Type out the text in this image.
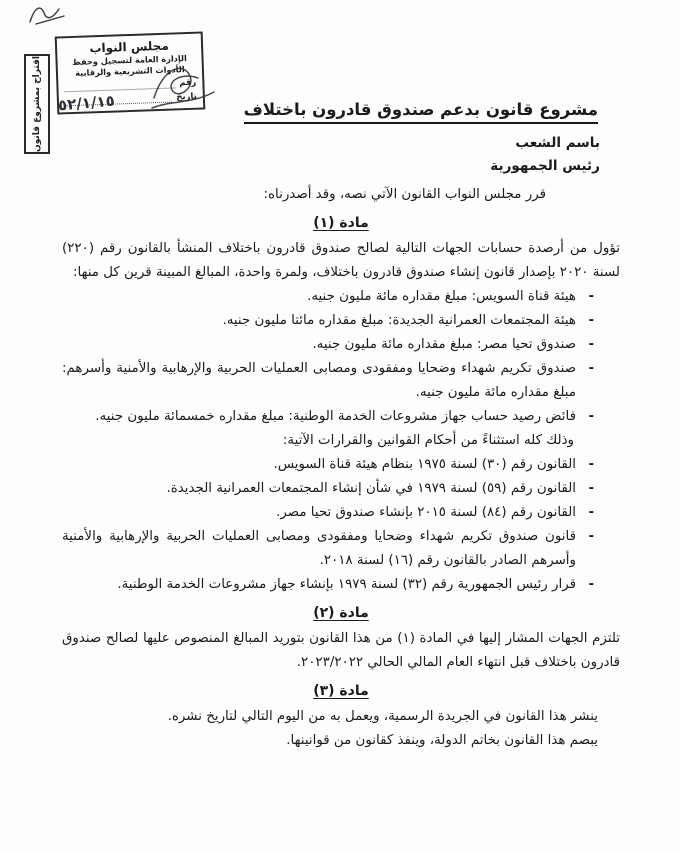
اقتراح بمشروع قانون
مجلس النواب
الإدارة العامة لتسجيل وحفظ
الأدوات التشريعية والرقابية
رقم
تاريخ
٥٢/١/١٥	مشروع قانون بدعم صندوق قادرون باختلاف
باسم الشعب
رئيس الجمهورية

قرر مجلس النواب القانون الآتي نصه، وقد أصدرناه:

مادة (١)

تؤول من أرصدة حسابات الجهات التالية لصالح صندوق قادرون باختلاف المنشأ بالقانون رقم (٢٢٠) لسنة ٢٠٢٠ بإصدار قانون إنشاء صندوق قادرون باختلاف، ولمرة واحدة، المبالغ المبينة قرين كل منها:

- هيئة قناة السويس: مبلغ مقداره مائة مليون جنيه.
- هيئة المجتمعات العمرانية الجديدة: مبلغ مقداره مائتا مليون جنيه.
- صندوق تحيا مصر: مبلغ مقداره مائة مليون جنيه.
- صندوق تكريم شهداء وضحايا ومفقودى ومصابى العمليات الحربية والإرهابية والأمنية وأسرهم: مبلغ مقداره مائة مليون جنيه.
- فائض رصيد حساب جهاز مشروعات الخدمة الوطنية: مبلغ مقداره خمسمائة مليون جنيه.

وذلك كله استثناءً من أحكام القوانين والقرارات الآتية:

- القانون رقم (٣٠) لسنة ١٩٧٥ بنظام هيئة قناة السويس.
- القانون رقم (٥٩) لسنة ١٩٧٩ في شأن إنشاء المجتمعات العمرانية الجديدة.
- القانون رقم (٨٤) لسنة ٢٠١٥ بإنشاء صندوق تحيا مصر.
- قانون صندوق تكريم شهداء وضحايا ومفقودى ومصابى العمليات الحربية والإرهابية والأمنية وأسرهم الصادر بالقانون رقم (١٦) لسنة ٢٠١٨.
- قرار رئيس الجمهورية رقم (٣٢) لسنة ١٩٧٩ بإنشاء جهاز مشروعات الخدمة الوطنية.
مادة (٢)

تلتزم الجهات المشار إليها في المادة (١) من هذا القانون بتوريد المبالغ المنصوص عليها لصالح صندوق قادرون باختلاف قبل انتهاء العام المالي الحالي ٢٠٢٣/٢٠٢٢.

مادة (٣)

ينشر هذا القانون في الجريدة الرسمية، ويعمل به من اليوم التالي لتاريخ نشره.

يبصم هذا القانون بخاتم الدولة، وينفذ كقانون من قوانينها.
